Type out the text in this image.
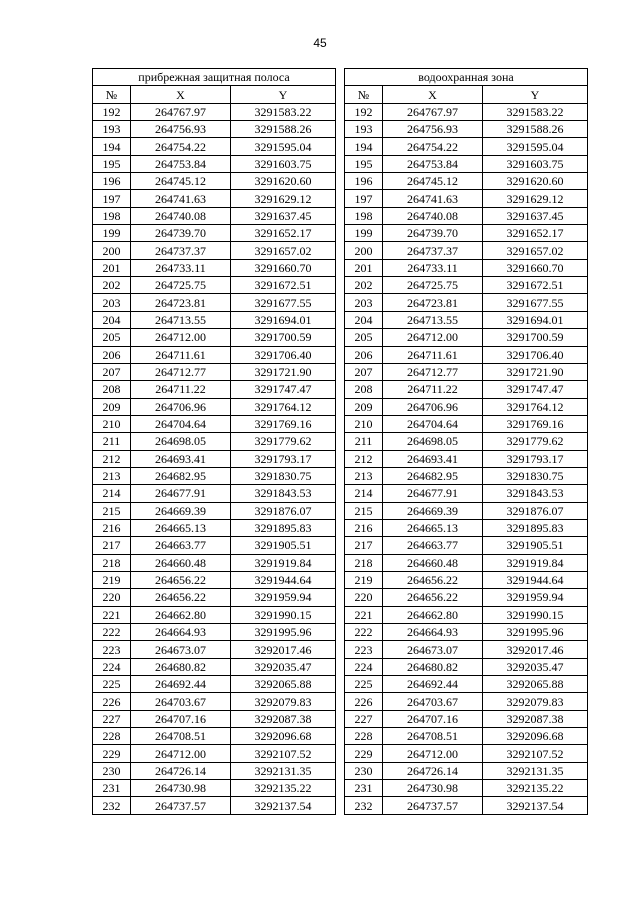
45
прибрежная защитная полоса		
№	X	Y
192	264767.97	3291583.22
193	264756.93	3291588.26
194	264754.22	3291595.04
195	264753.84	3291603.75
196	264745.12	3291620.60
197	264741.63	3291629.12
198	264740.08	3291637.45
199	264739.70	3291652.17
200	264737.37	3291657.02
201	264733.11	3291660.70
202	264725.75	3291672.51
203	264723.81	3291677.55
204	264713.55	3291694.01
205	264712.00	3291700.59
206	264711.61	3291706.40
207	264712.77	3291721.90
208	264711.22	3291747.47
209	264706.96	3291764.12
210	264704.64	3291769.16
211	264698.05	3291779.62
212	264693.41	3291793.17
213	264682.95	3291830.75
214	264677.91	3291843.53
215	264669.39	3291876.07
216	264665.13	3291895.83
217	264663.77	3291905.51
218	264660.48	3291919.84
219	264656.22	3291944.64
220	264656.22	3291959.94
221	264662.80	3291990.15
222	264664.93	3291995.96
223	264673.07	3292017.46
224	264680.82	3292035.47
225	264692.44	3292065.88
226	264703.67	3292079.83
227	264707.16	3292087.38
228	264708.51	3292096.68
229	264712.00	3292107.52
230	264726.14	3292131.35
231	264730.98	3292135.22
232	264737.57	3292137.54
водоохранная зона		
№	X	Y
192	264767.97	3291583.22
193	264756.93	3291588.26
194	264754.22	3291595.04
195	264753.84	3291603.75
196	264745.12	3291620.60
197	264741.63	3291629.12
198	264740.08	3291637.45
199	264739.70	3291652.17
200	264737.37	3291657.02
201	264733.11	3291660.70
202	264725.75	3291672.51
203	264723.81	3291677.55
204	264713.55	3291694.01
205	264712.00	3291700.59
206	264711.61	3291706.40
207	264712.77	3291721.90
208	264711.22	3291747.47
209	264706.96	3291764.12
210	264704.64	3291769.16
211	264698.05	3291779.62
212	264693.41	3291793.17
213	264682.95	3291830.75
214	264677.91	3291843.53
215	264669.39	3291876.07
216	264665.13	3291895.83
217	264663.77	3291905.51
218	264660.48	3291919.84
219	264656.22	3291944.64
220	264656.22	3291959.94
221	264662.80	3291990.15
222	264664.93	3291995.96
223	264673.07	3292017.46
224	264680.82	3292035.47
225	264692.44	3292065.88
226	264703.67	3292079.83
227	264707.16	3292087.38
228	264708.51	3292096.68
229	264712.00	3292107.52
230	264726.14	3292131.35
231	264730.98	3292135.22
232	264737.57	3292137.54
